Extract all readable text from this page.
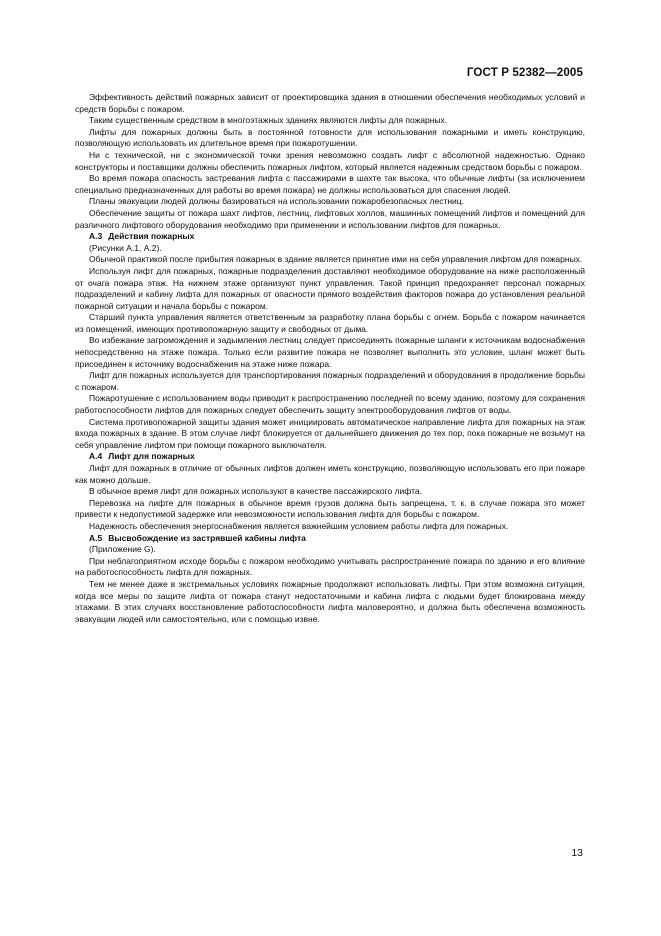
ГОСТ Р 52382—2005

Эффективность действий пожарных зависит от проектировщика здания в отношении обеспечения необходимых условий и средств борьбы с пожаром.

Таким существенным средством в многоэтажных зданиях являются лифты для пожарных.

Лифты для пожарных должны быть в постоянной готовности для использования пожарными и иметь конструкцию, позволяющую использовать их длительное время при пожаротушении.

Ни с технической, ни с экономической точки зрения невозможно создать лифт с абсолютной надежностью. Однако конструкторы и поставщики должны обеспечить пожарных лифтом, который является надежным средством борьбы с пожаром.

Во время пожара опасность застревания лифта с пассажирами в шахте так высока, что обычные лифты (за исключением специально предназначенных для работы во время пожара) не должны использоваться для спасения людей.

Планы эвакуации людей должны базироваться на использовании пожаробезопасных лестниц.

Обеспечение защиты от пожара шахт лифтов, лестниц, лифтовых холлов, машинных помещений лифтов и помещений для различного лифтового оборудования необходимо при применении и использовании лифтов для пожарных.

А.3 Действия пожарных

(Рисунки А.1, А.2).

Обычной практикой после прибытия пожарных в здание является принятие ими на себя управления лифтом для пожарных.

Используя лифт для пожарных, пожарные подразделения доставляют необходимое оборудование на ниже расположенный от очага пожара этаж. На нижнем этаже организуют пункт управления. Такой принцип предохраняет персонал пожарных подразделений и кабину лифта для пожарных от опасности прямого воздействия факторов пожара до установления реальной пожарной ситуации и начала борьбы с пожаром.

Старший пункта управления является ответственным за разработку плана борьбы с огнем. Борьба с пожаром начинается из помещений, имеющих противопожарную защиту и свободных от дыма.

Во избежание загромождения и задымления лестниц следует присоединять пожарные шланги к источникам водоснабжения непосредственно на этаже пожара. Только если развитие пожара не позволяет выполнить это условие, шланг может быть присоединен к источнику водоснабжения на этаже ниже пожара.

Лифт для пожарных используется для транспортирования пожарных подразделений и оборудования в продолжение борьбы с пожаром.

Пожаротушение с использованием воды приводит к распространению последней по всему зданию, поэтому для сохранения работоспособности лифтов для пожарных следует обеспечить защиту электрооборудования лифтов от воды.

Система противопожарной защиты здания может инициировать автоматическое направление лифта для пожарных на этаж входа пожарных в здание. В этом случае лифт блокируется от дальнейшего движения до тех пор, пока пожарные не возьмут на себя управление лифтом при помощи пожарного выключателя.

А.4 Лифт для пожарных

Лифт для пожарных в отличие от обычных лифтов должен иметь конструкцию, позволяющую использовать его при пожаре как можно дольше.

В обычное время лифт для пожарных используют в качестве пассажирского лифта.

Перевозка на лифте для пожарных в обычное время грузов должна быть запрещена, т. к. в случае пожара это может привести к недопустимой задержке или невозможности использования лифта для борьбы с пожаром.

Надежность обеспечения энергоснабжения является важнейшим условием работы лифта для пожарных.

А.5 Высвобождение из застрявшей кабины лифта

(Приложение G).

При неблагоприятном исходе борьбы с пожаром необходимо учитывать распространение пожара по зданию и его влияние на работоспособность лифта для пожарных.

Тем не менее даже в экстремальных условиях пожарные продолжают использовать лифты. При этом возможна ситуация, когда все меры по защите лифта от пожара станут недостаточными и кабина лифта с людьми будет блокирована между этажами. В этих случаях восстановление работоспособности лифта маловероятно, и должна быть обеспечена возможность эвакуации людей или самостоятельно, или с помощью извне.

13
